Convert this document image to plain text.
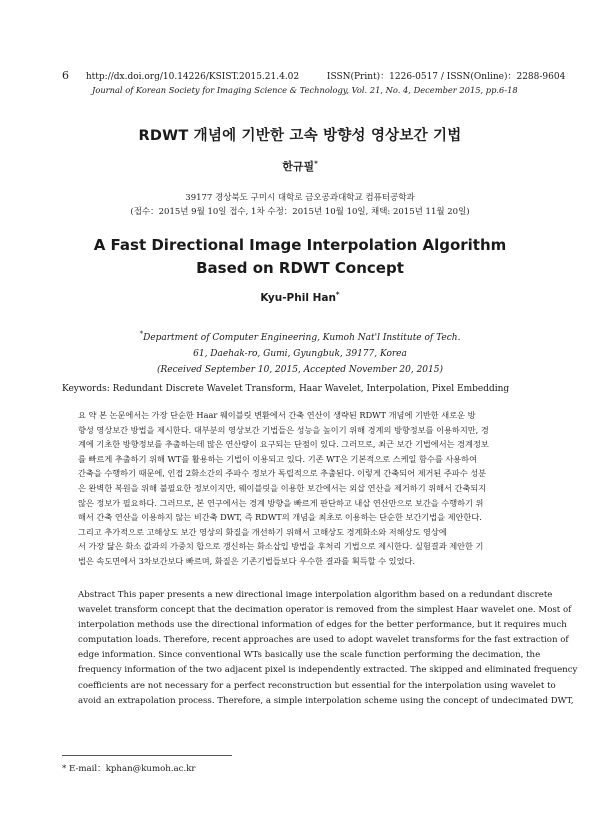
6 http://dx.doi.org/10.14226/KSIST.2015.21.4.02	ISSN(Print)：1226-0517 / ISSN(Online)：2288-9604
Journal of Korean Society for Imaging Science & Technology, Vol. 21, No. 4, December 2015, pp.6-18
RDWT 개념에 기반한 고속 방향성 영상보간 기법
한규필*
39177 경상북도 구미시 대학로 금오공과대학교 컴퓨터공학과
(접수：2015년 9월 10일 접수, 1차 수정：2015년 10월 10일, 채택: 2015년 11월 20일)
A Fast Directional Image Interpolation Algorithm
Based on RDWT Concept
Kyu-Phil Han*
*Department of Computer Engineering, Kumoh Nat'l Institute of Tech.
61, Daehak-ro, Gumi, Gyungbuk, 39177, Korea
(Received September 10, 2015, Accepted November 20, 2015)
Keywords: Redundant Discrete Wavelet Transform, Haar Wavelet, Interpolation, Pixel Embedding
요 약 본 논문에서는 가장 단순한 Haar 웨이블릿 변환에서 간축 연산이 생략된 RDWT 개념에 기반한 새로운 방
향성 영상보간 방법을 제시한다. 대부분의 영상보간 기법들은 성능을 높이기 위해 경계의 방향정보를 이용하지만, 경
계에 기초한 방향정보를 추출하는데 많은 연산량이 요구되는 단점이 있다. 그러므로, 최근 보간 기법에서는 경계정보
를 빠르게 추출하기 위해 WT를 활용하는 기법이 이용되고 있다. 기존 WT은 기본적으로 스케일 함수를 사용하여
간축을 수행하기 때문에, 인접 2화소간의 주파수 정보가 독립적으로 추출된다. 이렇게 간축되어 제거된 주파수 성분
은 완벽한 복원을 위해 불필요한 정보이지만, 웨이블릿을 이용한 보간에서는 외삽 연산을 제거하기 위해서 간축되지
않은 정보가 필요하다. 그러므로, 본 연구에서는 경계 방향을 빠르게 판단하고 내삽 연산만으로 보간을 수행하기 위
해서 간축 연산을 이용하지 않는 비간축 DWT, 즉 RDWT의 개념을 최초로 이용하는 단순한 보간기법을 제안한다.
그리고 추가적으로 고해상도 보간 영상의 화질을 개선하기 위해서 고해상도 경계화소와 저해상도 영상에
서 가장 닮은 화소 값과의 가중치 합으로 갱신하는 화소삽입 방법을 후처리 기법으로 제시한다. 실험결과 제안한 기
법은 속도면에서 3차보간보다 빠르며, 화질은 기존기법들보다 우수한 결과를 획득할 수 있었다.
Abstract This paper presents a new directional image interpolation algorithm based on a redundant discrete
wavelet transform concept that the decimation operator is removed from the simplest Haar wavelet one. Most of
interpolation methods use the directional information of edges for the better performance, but it requires much
computation loads. Therefore, recent approaches are used to adopt wavelet transforms for the fast extraction of
edge information. Since conventional WTs basically use the scale function performing the decimation, the
frequency information of the two adjacent pixel is independently extracted. The skipped and eliminated frequency
coefficients are not necessary for a perfect reconstruction but essential for the interpolation using wavelet to
avoid an extrapolation process. Therefore, a simple interpolation scheme using the concept of undecimated DWT,
* E-mail：kphan@kumoh.ac.kr
